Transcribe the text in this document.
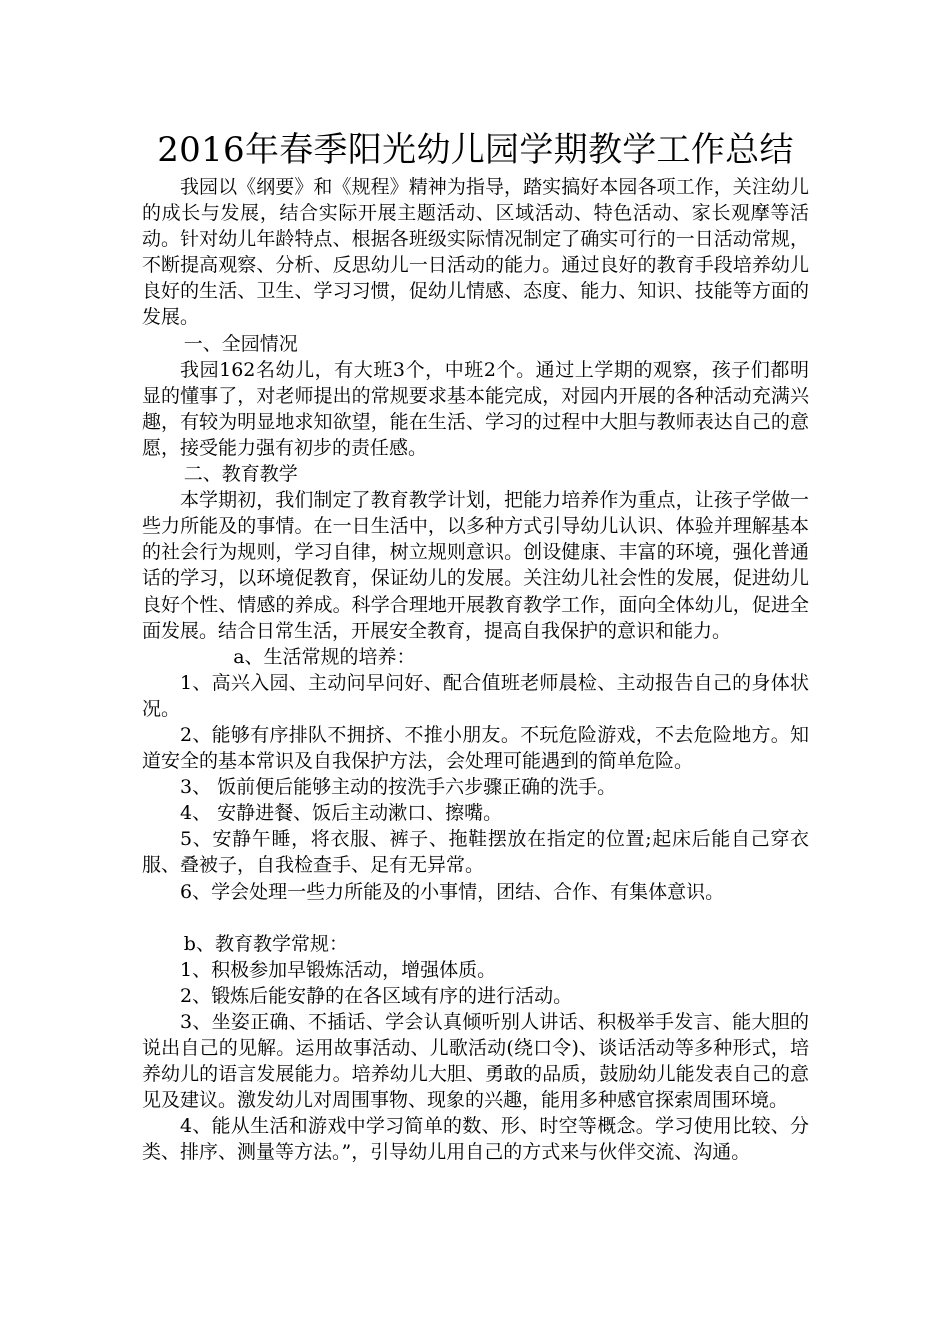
2016年春季阳光幼儿园学期教学工作总结

我园以《纲要》和《规程》精神为指导，踏实搞好本园各项工作，关注幼儿的成长与发展，结合实际开展主题活动、区域活动、特色活动、家长观摩等活动。针对幼儿年龄特点、根据各班级实际情况制定了确实可行的一日活动常规，不断提高观察、分析、反思幼儿一日活动的能力。通过良好的教育手段培养幼儿良好的生活、卫生、学习习惯，促幼儿情感、态度、能力、知识、技能等方面的发展。

一、全园情况

我园162名幼儿，有大班3个，中班2个。通过上学期的观察，孩子们都明显的懂事了，对老师提出的常规要求基本能完成，对园内开展的各种活动充满兴趣，有较为明显地求知欲望，能在生活、学习的过程中大胆与教师表达自己的意愿，接受能力强有初步的责任感。

二、教育教学

本学期初，我们制定了教育教学计划，把能力培养作为重点，让孩子学做一些力所能及的事情。在一日生活中，以多种方式引导幼儿认识、体验并理解基本的社会行为规则，学习自律，树立规则意识。创设健康、丰富的环境，强化普通话的学习，以环境促教育，保证幼儿的发展。关注幼儿社会性的发展，促进幼儿良好个性、情感的养成。科学合理地开展教育教学工作，面向全体幼儿，促进全面发展。结合日常生活，开展安全教育，提高自我保护的意识和能力。

a、生活常规的培养：

1、高兴入园、主动问早问好、配合值班老师晨检、主动报告自己的身体状况。

2、能够有序排队不拥挤、不推小朋友。不玩危险游戏，不去危险地方。知道安全的基本常识及自我保护方法，会处理可能遇到的简单危险。

3、 饭前便后能够主动的按洗手六步骤正确的洗手。

4、 安静进餐、饭后主动漱口、擦嘴。

5、安静午睡，将衣服、裤子、拖鞋摆放在指定的位置;起床后能自己穿衣服、叠被子，自我检查手、足有无异常。

6、学会处理一些力所能及的小事情，团结、合作、有集体意识。

b、教育教学常规：

1、积极参加早锻炼活动，增强体质。

2、锻炼后能安静的在各区域有序的进行活动。

3、坐姿正确、不插话、学会认真倾听别人讲话、积极举手发言、能大胆的说出自己的见解。运用故事活动、儿歌活动(绕口令)、谈话活动等多种形式，培养幼儿的语言发展能力。培养幼儿大胆、勇敢的品质，鼓励幼儿能发表自己的意见及建议。激发幼儿对周围事物、现象的兴趣，能用多种感官探索周围环境。

4、能从生活和游戏中学习简单的数、形、时空等概念。学习使用比较、分类、排序、测量等方法。”，引导幼儿用自己的方式来与伙伴交流、沟通。
